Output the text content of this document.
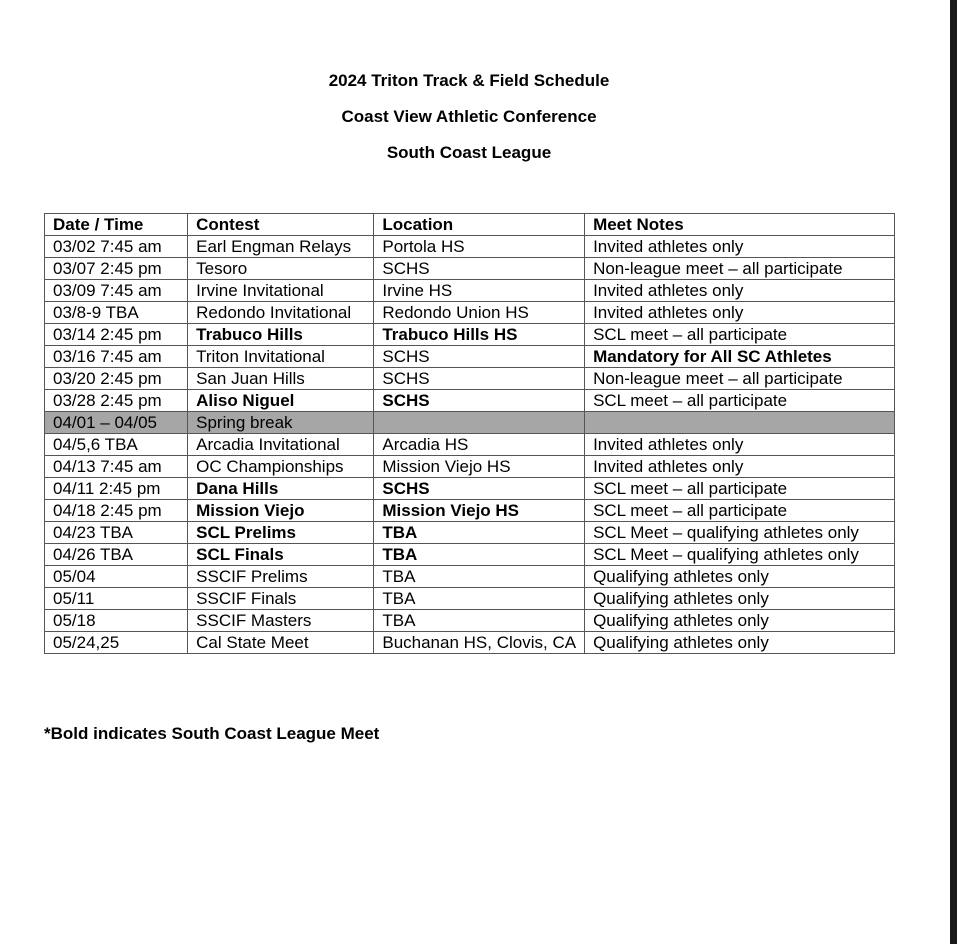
2024 Triton Track & Field Schedule
Coast View Athletic Conference
South Coast League
Date / Time	Contest	Location	Meet Notes
03/02 7:45 am	Earl Engman Relays	Portola HS	Invited athletes only
03/07 2:45 pm	Tesoro	SCHS	Non-league meet – all participate
03/09 7:45 am	Irvine Invitational	Irvine HS	Invited athletes only
03/8-9 TBA	Redondo Invitational	Redondo Union HS	Invited athletes only
03/14 2:45 pm	Trabuco Hills	Trabuco Hills HS	SCL meet – all participate
03/16 7:45 am	Triton Invitational	SCHS	Mandatory for All SC Athletes
03/20 2:45 pm	San Juan Hills	SCHS	Non-league meet – all participate
03/28 2:45 pm	Aliso Niguel	SCHS	SCL meet – all participate
04/01 – 04/05	Spring break		
04/5,6 TBA	Arcadia Invitational	Arcadia HS	Invited athletes only
04/13 7:45 am	OC Championships	Mission Viejo HS	Invited athletes only
04/11 2:45 pm	Dana Hills	SCHS	SCL meet – all participate
04/18 2:45 pm	Mission Viejo	Mission Viejo HS	SCL meet – all participate
04/23 TBA	SCL Prelims	TBA	SCL Meet – qualifying athletes only
04/26 TBA	SCL Finals	TBA	SCL Meet – qualifying athletes only
05/04	SSCIF Prelims	TBA	Qualifying athletes only
05/11	SSCIF Finals	TBA	Qualifying athletes only
05/18	SSCIF Masters	TBA	Qualifying athletes only
05/24,25	Cal State Meet	Buchanan HS, Clovis, CA	Qualifying athletes only
*Bold indicates South Coast League Meet
